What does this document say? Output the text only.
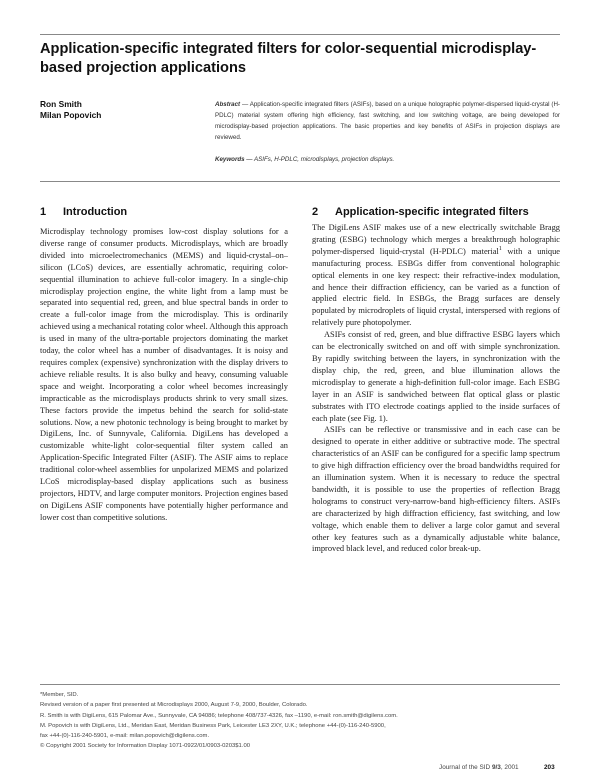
Application-specific integrated filters for color-sequential microdisplay-based projection applications
Ron Smith
Milan Popovich

Abstract — Application-specific integrated filters (ASIFs), based on a unique holographic polymer-dispersed liquid-crystal (H-PDLC) material system offering high efficiency, fast switching, and low switching voltage, are being developed for microdisplay-based projection applications. The basic properties and key benefits of ASIFs in projection displays are reviewed.

Keywords — ASIFs, H-PDLC, microdisplays, projection displays.

1 Introduction

Microdisplay technology promises low-cost display solutions for a diverse range of consumer products. Microdisplays, which are broadly divided into microelectromechanics (MEMS) and liquid-crystal–on–silicon (LCoS) devices, are essentially achromatic, requiring color-sequential illumination to achieve full-color imagery. In a single-chip microdisplay projection engine, the white light from a lamp must be separated into sequential red, green, and blue spectral bands in order to create a full-color image from the microdisplay. This is ordinarily achieved using a mechanical rotating color wheel. Although this approach is used in many of the ultra-portable projectors dominating the market today, the color wheel has a number of disadvantages. It is noisy and requires complex (expensive) synchronization with the display drivers to achieve reliable results. It is also bulky and heavy, consuming valuable space and weight. Incorporating a color wheel becomes increasingly impracticable as the microdisplays products shrink to very small sizes. These factors provide the impetus behind the search for solid-state solutions. Now, a new photonic technology is being brought to market by DigiLens, Inc. of Sunnyvale, California. DigiLens has developed a customizable white-light color-sequential filter system called an Application-Specific Integrated Filter (ASIF). The ASIF aims to replace traditional color-wheel assemblies for unpolarized MEMS and polarized LCoS microdisplay-based display applications such as business projectors, HDTV, and large computer monitors. Projection engines based on DigiLens ASIF components have potentially higher performance and lower cost than competitive solutions.

2 Application-specific integrated filters

The DigiLens ASIF makes use of a new electrically switchable Bragg grating (ESBG) technology which merges a breakthrough holographic polymer-dispersed liquid-crystal (H-PDLC) material$^1$ with a unique manufacturing process. ESBGs differ from conventional holographic optical elements in one key respect: their refractive-index modulation, and hence their diffraction efficiency, can be varied as a function of applied electric field. In ESBGs, the Bragg surfaces are densely populated by microdroplets of liquid crystal, interspersed with regions of relatively pure photopolymer.

ASIFs consist of red, green, and blue diffractive ESBG layers which can be electronically switched on and off with simple synchronization. By rapidly switching between the layers, in synchronization with the display chip, the red, green, and blue illumination allows the microdisplay to generate a high-definition full-color image. Each ESBG layer in an ASIF is sandwiched between flat optical glass or plastic substrates with ITO electrode coatings applied to the inside surfaces of each plate (see Fig. 1).

ASIFs can be reflective or transmissive and in each case can be designed to operate in either additive or subtractive mode. The spectral characteristics of an ASIF can be configured for a specific lamp spectrum to give high diffraction efficiency over the broad bandwidths required for an illumination system. When it is necessary to reduce the spectral bandwidth, it is possible to use the properties of reflection Bragg holograms to construct very-narrow-band high-efficiency filters. ASIFs are characterized by high diffraction efficiency, fast switching, and low voltage, which enable them to deliver a large color gamut and several other key features such as a dynamically adjustable white balance, improved black level, and reduced color break-up.

*Member, SID.
Revised version of a paper first presented at Microdisplays 2000, August 7-9, 2000, Boulder, Colorado.
R. Smith is with DigiLens, 615 Palomar Ave., Sunnyvale, CA 94086; telephone 408/737-4326, fax –1190, e-mail: ron.smith@digilens.com.
M. Popovich is with DigiLens, Ltd., Meridan East, Meridan Business Park, Leicester LE3 2XY, U.K.; telephone +44-(0)-116-240-5900,
fax +44-(0)-116-240-5901, e-mail: milan.popovich@digilens.com.
© Copyright 2001 Society for Information Display 1071-0922/01/0903-0203$1.00
Journal of the SID 9/3, 2001	203
